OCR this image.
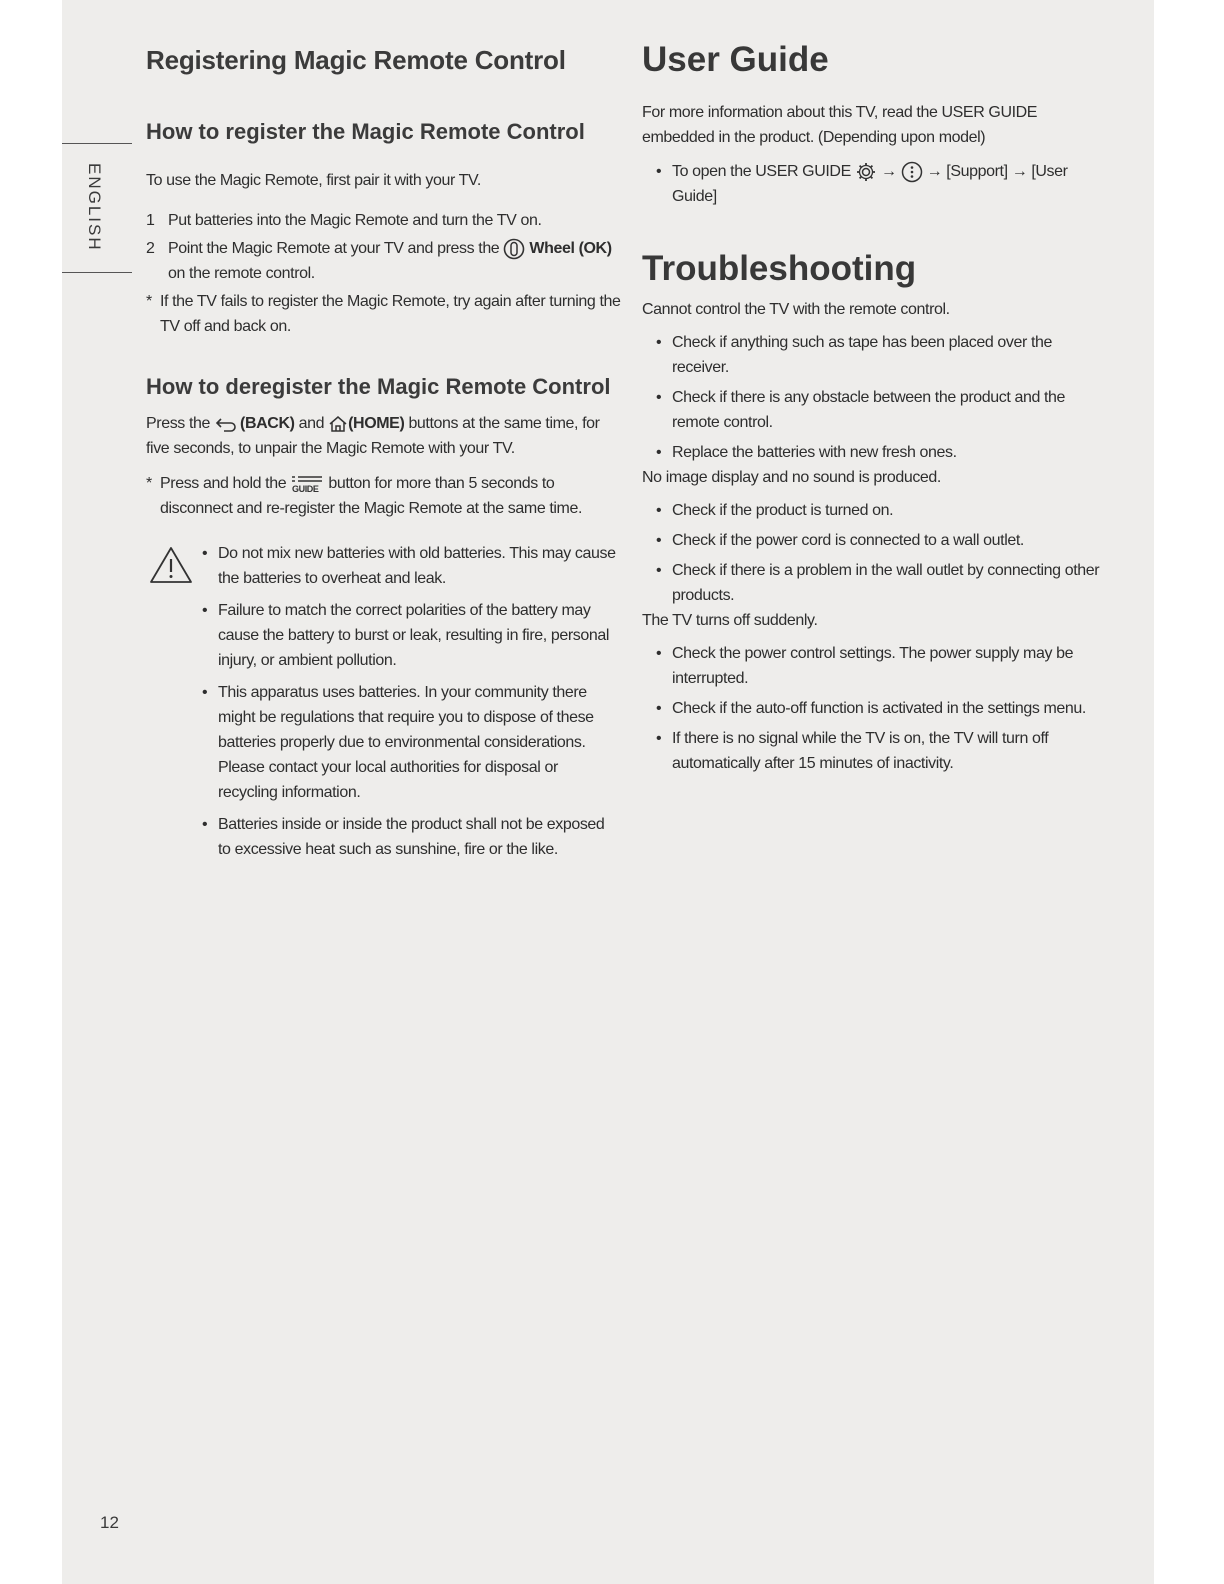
ENGLISH
Registering Magic Remote Control
How to register the Magic Remote Control

To use the Magic Remote, first pair it with your TV.

1 Put batteries into the Magic Remote and turn the TV on.
2 Point the Magic Remote at your TV and press the Wheel (OK) on the remote control.
* If the TV fails to register the Magic Remote, try again after turning the TV off and back on.
How to deregister the Magic Remote Control

Press the (BACK) and (HOME) buttons at the same time, for five seconds, to unpair the Magic Remote with your TV.

* Press and hold the GUIDE button for more than 5 seconds to disconnect and re-register the Magic Remote at the same time.
• Do not mix new batteries with old batteries. This may cause the batteries to overheat and leak.
• Failure to match the correct polarities of the battery may cause the battery to burst or leak, resulting in fire, personal injury, or ambient pollution.
• This apparatus uses batteries. In your community there might be regulations that require you to dispose of these batteries properly due to environmental considerations. Please contact your local authorities for disposal or recycling information.
• Batteries inside or inside the product shall not be exposed to excessive heat such as sunshine, fire or the like.
User Guide

For more information about this TV, read the USER GUIDE embedded in the product. (Depending upon model)

• To open the USER GUIDE → → [Support] → [User Guide]
Troubleshooting

Cannot control the TV with the remote control.

• Check if anything such as tape has been placed over the receiver.
• Check if there is any obstacle between the product and the remote control.
• Replace the batteries with new fresh ones.

No image display and no sound is produced.

• Check if the product is turned on.
• Check if the power cord is connected to a wall outlet.
• Check if there is a problem in the wall outlet by connecting other products.

The TV turns off suddenly.

• Check the power control settings. The power supply may be interrupted.
• Check if the auto-off function is activated in the settings menu.
• If there is no signal while the TV is on, the TV will turn off automatically after 15 minutes of inactivity.
12
